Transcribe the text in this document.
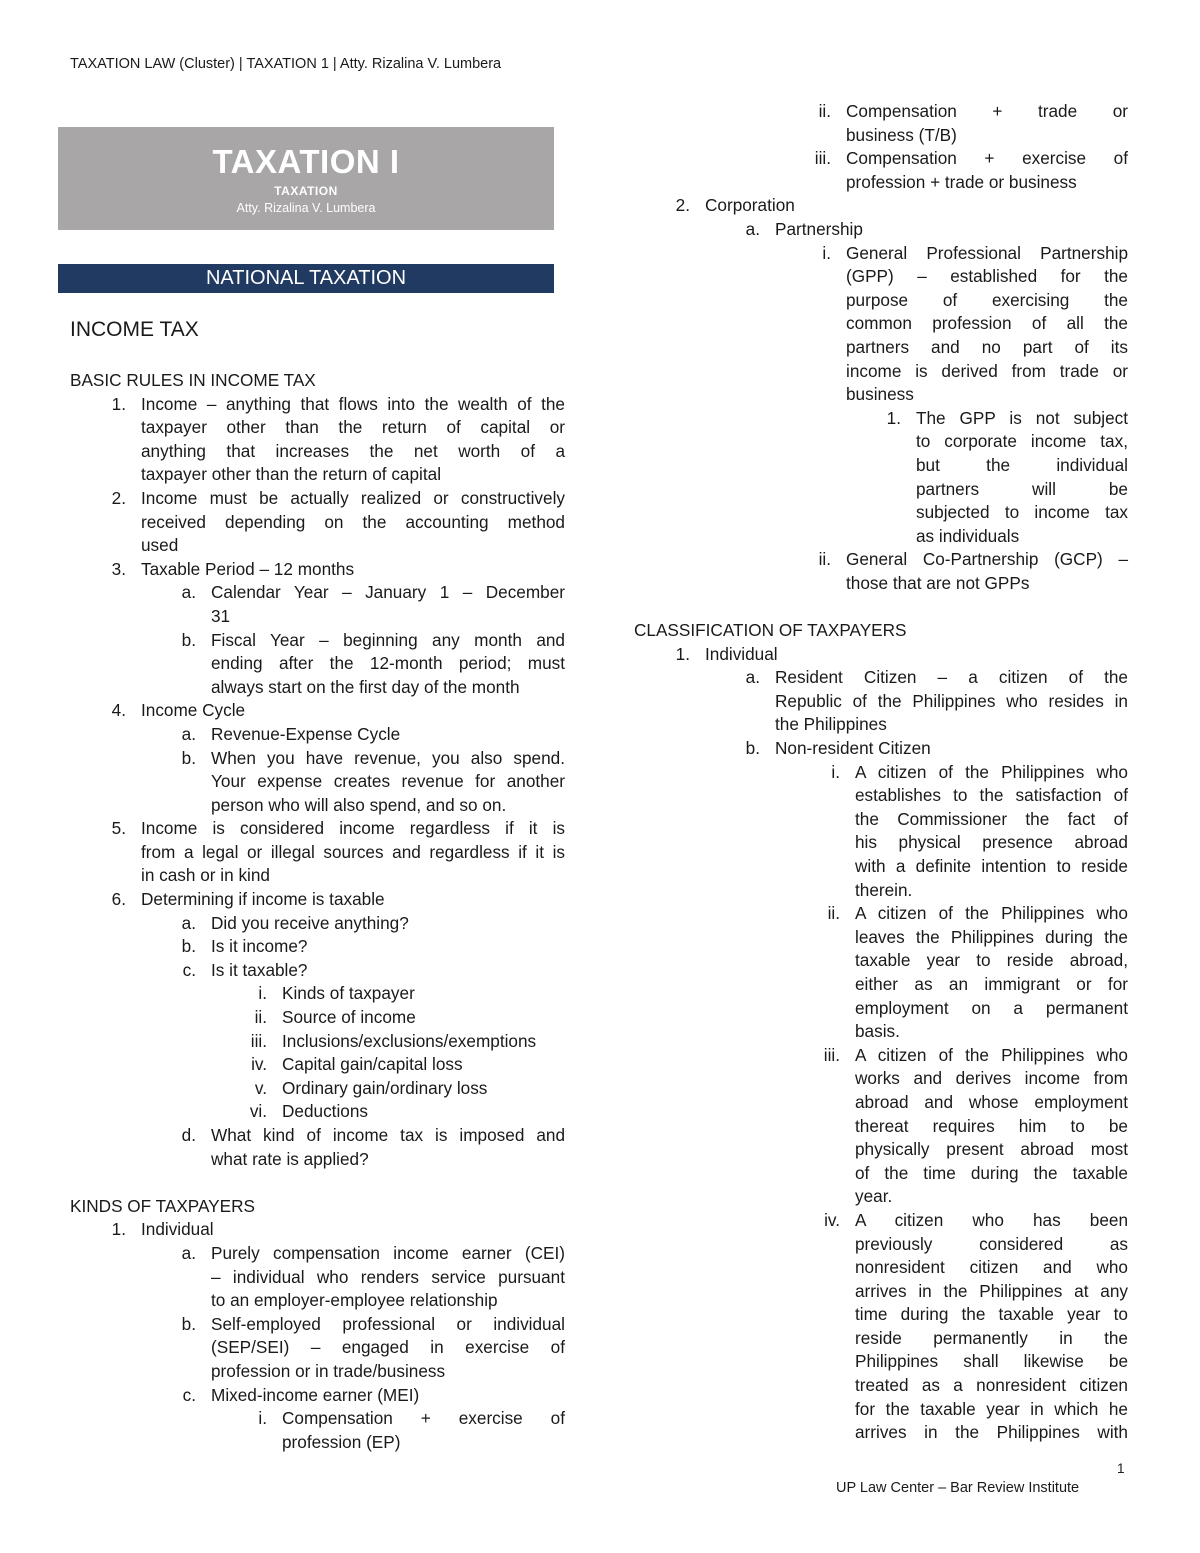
TAXATION LAW (Cluster) | TAXATION 1 | Atty. Rizalina V. Lumbera
TAXATION I
TAXATION
Atty. Rizalina V. Lumbera
NATIONAL TAXATION
INCOME TAX
BASIC RULES IN INCOME TAX
1. Income – anything that flows into the wealth of the
taxpayer other than the return of capital or
anything that increases the net worth of a
taxpayer other than the return of capital
2. Income must be actually realized or constructively
received depending on the accounting method
used
3. Taxable Period – 12 months
a. Calendar Year – January 1 – December
31
b. Fiscal Year – beginning any month and
ending after the 12-month period; must
always start on the first day of the month
4. Income Cycle
a. Revenue-Expense Cycle
b. When you have revenue, you also spend.
Your expense creates revenue for another
person who will also spend, and so on.
5. Income is considered income regardless if it is
from a legal or illegal sources and regardless if it is
in cash or in kind
6. Determining if income is taxable
a. Did you receive anything?
b. Is it income?
c. Is it taxable?
i. Kinds of taxpayer
ii. Source of income
iii. Inclusions/exclusions/exemptions
iv. Capital gain/capital loss
v. Ordinary gain/ordinary loss
vi. Deductions
d. What kind of income tax is imposed and
what rate is applied?
KINDS OF TAXPAYERS
1. Individual
a. Purely compensation income earner (CEI)
– individual who renders service pursuant
to an employer-employee relationship
b. Self-employed professional or individual
(SEP/SEI) – engaged in exercise of
profession or in trade/business
c. Mixed-income earner (MEI)
i. Compensation + exercise of
profession (EP)
ii. Compensation + trade or
business (T/B)
iii. Compensation + exercise of
profession + trade or business
2. Corporation
a. Partnership
i. General Professional Partnership
(GPP) – established for the
purpose of exercising the
common profession of all the
partners and no part of its
income is derived from trade or
business
1. The GPP is not subject
to corporate income tax,
but the individual
partners will be
subjected to income tax
as individuals
ii. General Co-Partnership (GCP) –
those that are not GPPs
CLASSIFICATION OF TAXPAYERS
1. Individual
a. Resident Citizen – a citizen of the
Republic of the Philippines who resides in
the Philippines
b. Non-resident Citizen
i. A citizen of the Philippines who
establishes to the satisfaction of
the Commissioner the fact of
his physical presence abroad
with a definite intention to reside
therein.
ii. A citizen of the Philippines who
leaves the Philippines during the
taxable year to reside abroad,
either as an immigrant or for
employment on a permanent
basis.
iii. A citizen of the Philippines who
works and derives income from
abroad and whose employment
thereat requires him to be
physically present abroad most
of the time during the taxable
year.
iv. A citizen who has been
previously considered as
nonresident citizen and who
arrives in the Philippines at any
time during the taxable year to
reside permanently in the
Philippines shall likewise be
treated as a nonresident citizen
for the taxable year in which he
arrives in the Philippines with
1
UP Law Center – Bar Review Institute
